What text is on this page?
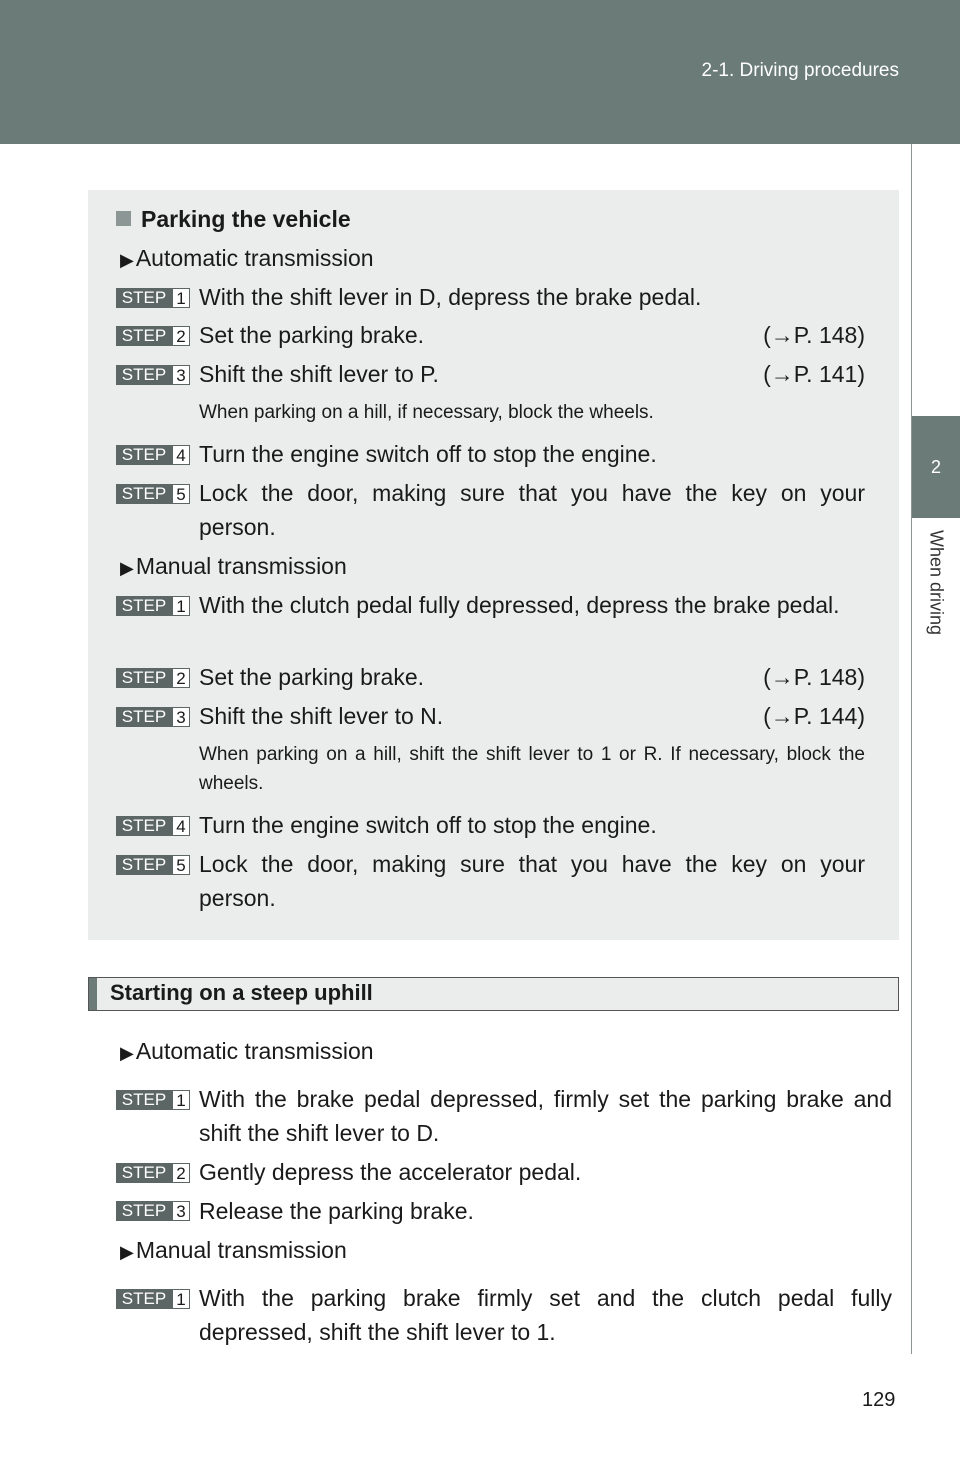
2-1. Driving procedures
2
When driving
Parking the vehicle
▶Automatic transmission
STEP 1 With the shift lever in D, depress the brake pedal.
STEP 2 Set the parking brake.	(→P. 148)
STEP 3 Shift the shift lever to P.	(→P. 141)
When parking on a hill, if necessary, block the wheels.
STEP 4 Turn the engine switch off to stop the engine.
STEP 5 Lock the door, making sure that you have the key on your person.
▶Manual transmission
STEP 1 With the clutch pedal fully depressed, depress the brake pedal.
STEP 2 Set the parking brake.	(→P. 148)
STEP 3 Shift the shift lever to N.	(→P. 144)
When parking on a hill, shift the shift lever to 1 or R. If necessary, block the wheels.
STEP 4 Turn the engine switch off to stop the engine.
STEP 5 Lock the door, making sure that you have the key on your person.
Starting on a steep uphill
▶Automatic transmission
STEP 1 With the brake pedal depressed, firmly set the parking brake and shift the shift lever to D.
STEP 2 Gently depress the accelerator pedal.
STEP 3 Release the parking brake.
▶Manual transmission
STEP 1 With the parking brake firmly set and the clutch pedal fully depressed, shift the shift lever to 1.
129
